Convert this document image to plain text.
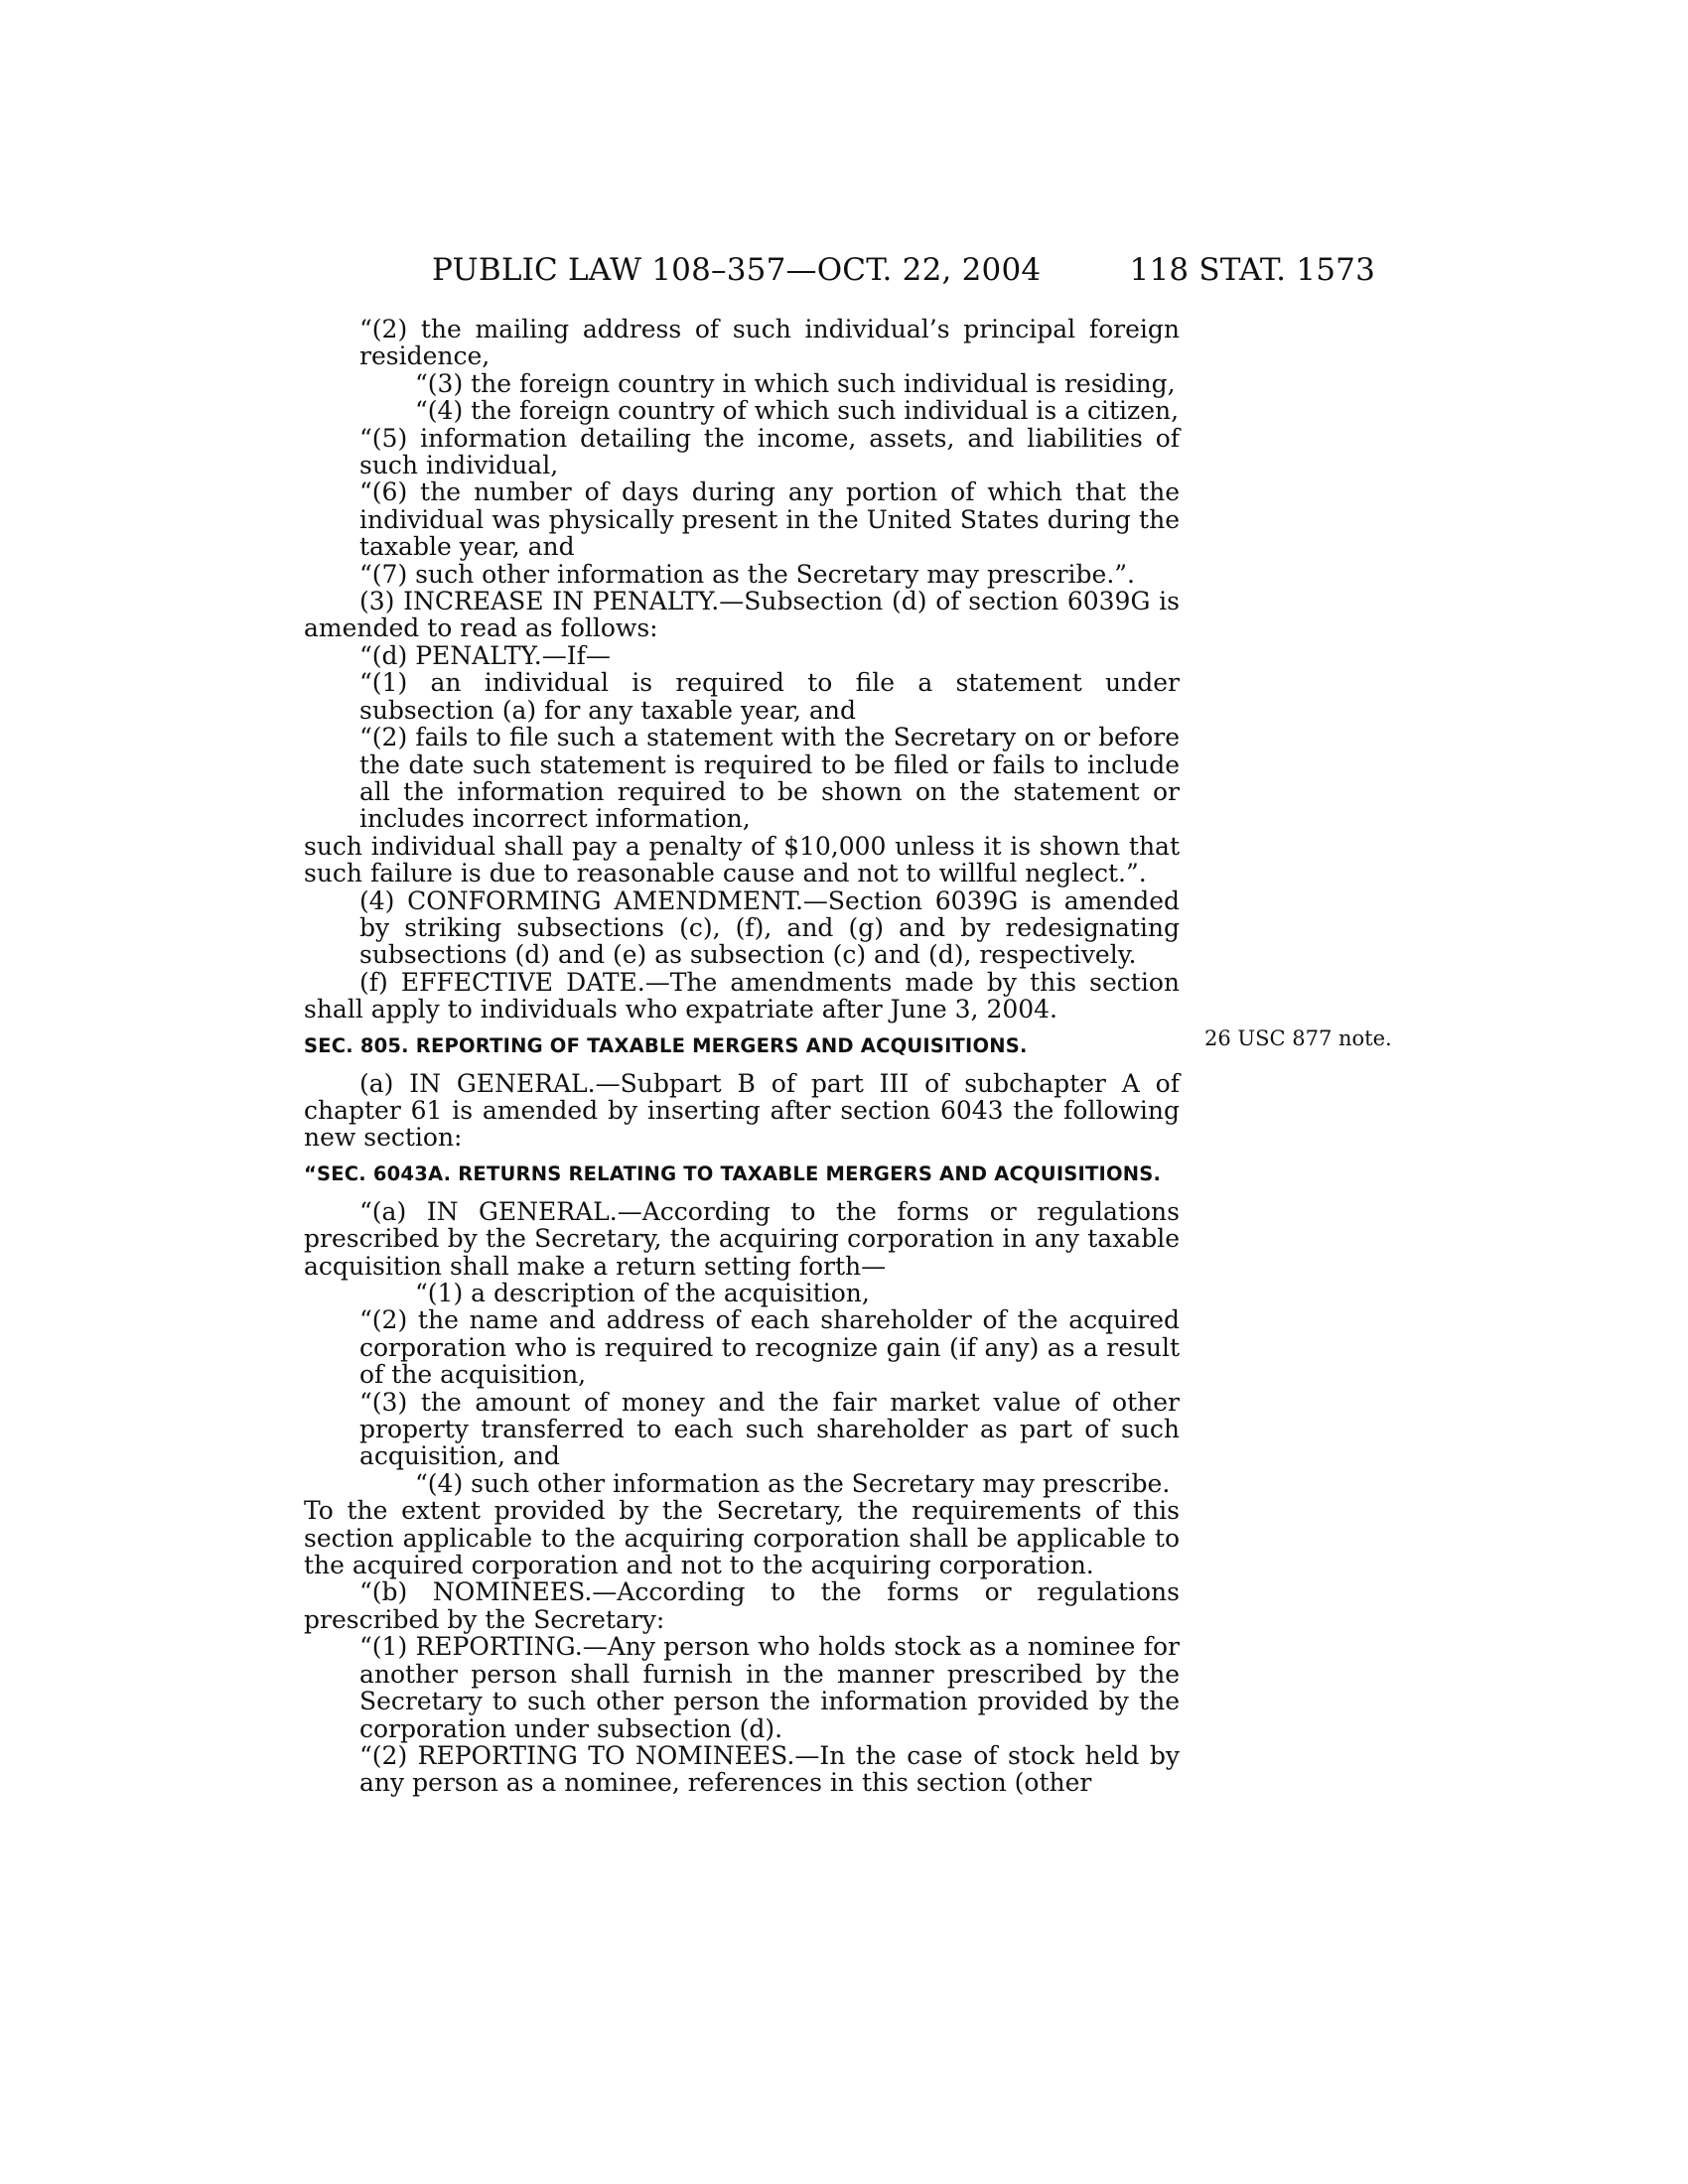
PUBLIC LAW 108–357—OCT. 22, 2004	118 STAT. 1573

“(2) the mailing address of such individual’s principal foreign residence,

“(3) the foreign country in which such individual is residing,

“(4) the foreign country of which such individual is a citizen,

“(5) information detailing the income, assets, and liabilities of such individual,

“(6) the number of days during any portion of which that the individual was physically present in the United States during the taxable year, and

“(7) such other information as the Secretary may prescribe.”.

(3) INCREASE IN PENALTY.—Subsection (d) of section 6039G is amended to read as follows:

“(d) PENALTY.—If—

“(1) an individual is required to file a statement under subsection (a) for any taxable year, and

“(2) fails to file such a statement with the Secretary on or before the date such statement is required to be filed or fails to include all the information required to be shown on the statement or includes incorrect information,

such individual shall pay a penalty of $10,000 unless it is shown that such failure is due to reasonable cause and not to willful neglect.”.

(4) CONFORMING AMENDMENT.—Section 6039G is amended by striking subsections (c), (f), and (g) and by redesignating subsections (d) and (e) as subsection (c) and (d), respectively.

(f) EFFECTIVE DATE.—The amendments made by this section shall apply to individuals who expatriate after June 3, 2004.

SEC. 805. REPORTING OF TAXABLE MERGERS AND ACQUISITIONS.

(a) IN GENERAL.—Subpart B of part III of subchapter A of chapter 61 is amended by inserting after section 6043 the following new section:

“SEC. 6043A. RETURNS RELATING TO TAXABLE MERGERS AND ACQUISITIONS.

“(a) IN GENERAL.—According to the forms or regulations prescribed by the Secretary, the acquiring corporation in any taxable acquisition shall make a return setting forth—

“(1) a description of the acquisition,

“(2) the name and address of each shareholder of the acquired corporation who is required to recognize gain (if any) as a result of the acquisition,

“(3) the amount of money and the fair market value of other property transferred to each such shareholder as part of such acquisition, and

“(4) such other information as the Secretary may prescribe.

To the extent provided by the Secretary, the requirements of this section applicable to the acquiring corporation shall be applicable to the acquired corporation and not to the acquiring corporation.

“(b) NOMINEES.—According to the forms or regulations prescribed by the Secretary:

“(1) REPORTING.—Any person who holds stock as a nominee for another person shall furnish in the manner prescribed by the Secretary to such other person the information provided by the corporation under subsection (d).

“(2) REPORTING TO NOMINEES.—In the case of stock held by any person as a nominee, references in this section (other

26 USC 877 note.
